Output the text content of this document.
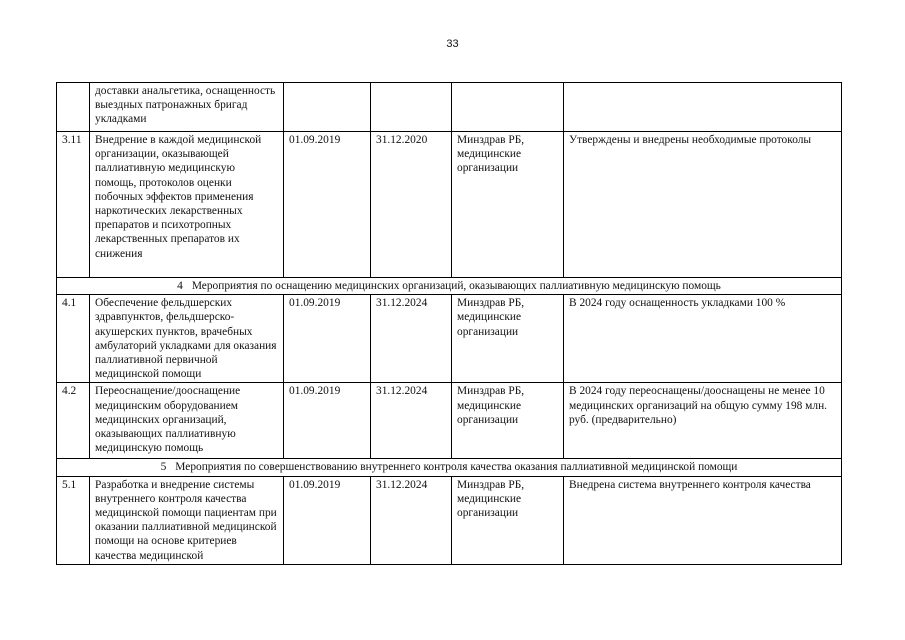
33
	доставки анальгетика, оснащенность выездных патронажных бригад укладками				
3.11	Внедрение в каждой медицинской организации, оказывающей паллиативную медицинскую помощь, протоколов оценки побочных эффектов применения наркотических лекарственных препаратов и психотропных лекарственных препаратов их снижения	01.09.2019	31.12.2020	Минздрав РБ, медицинские организации	Утверждены и внедрены необходимые протоколы
4 Мероприятия по оснащению медицинских организаций, оказывающих паллиативную медицинскую помощь					
4.1	Обеспечение фельдшерских здравпунктов, фельдшерско-акушерских пунктов, врачебных амбулаторий укладками для оказания паллиативной первичной медицинской помощи	01.09.2019	31.12.2024	Минздрав РБ, медицинские организации	В 2024 году оснащенность укладками 100 %
4.2	Переоснащение/дооснащение медицинским оборудованием медицинских организаций, оказывающих паллиативную медицинскую помощь	01.09.2019	31.12.2024	Минздрав РБ, медицинские организации	В 2024 году переоснащены/дооснащены не менее 10 медицинских организаций на общую сумму 198 млн. руб. (предварительно)
5 Мероприятия по совершенствованию внутреннего контроля качества оказания паллиативной медицинской помощи					
5.1	Разработка и внедрение системы внутреннего контроля качества медицинской помощи пациентам при оказании паллиативной медицинской помощи на основе критериев качества медицинской	01.09.2019	31.12.2024	Минздрав РБ, медицинские организации	Внедрена система внутреннего контроля качества
